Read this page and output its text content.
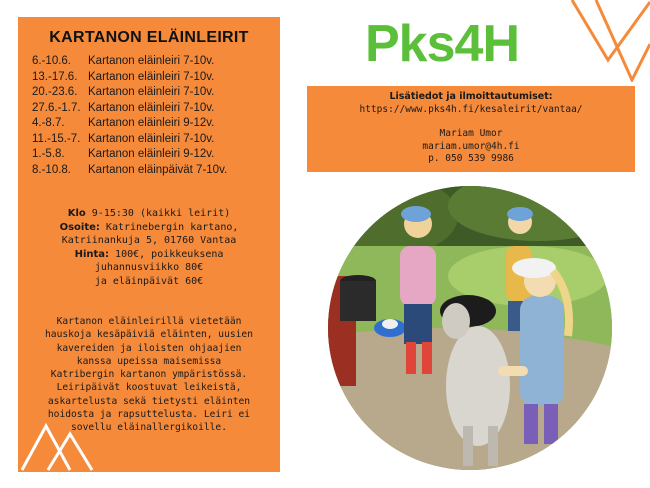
KARTANON ELÄINLEIRIT
6.-10.6.	Kartanon eläinleiri 7-10v.
13.-17.6. Kartanon eläinleiri 7-10v.
20.-23.6. Kartanon eläinleiri 7-10v.
27.6.-1.7. Kartanon eläinleiri 7-10v.
4.-8.7.	Kartanon eläinleiri 9-12v.
11.-15.-7. Kartanon eläinleiri 7-10v.
1.-5.8.	Kartanon eläinleiri 9-12v.
8.-10.8.	Kartanon eläinpäivät 7-10v.
Klo 9-15:30 (kaikki leirit)
Osoite: Katrinebergin kartano,
Katriinankuja 5, 01760 Vantaa
Hinta: 100€, poikkeuksena
juhannusviikko 80€
ja eläinpäivät 60€
Kartanon eläinleirillä vietetään
hauskoja kesäpäiviä eläinten, uusien
kavereiden ja iloisten ohjaajien
kanssa upeissa maisemissa
Katribergin kartanon ympäristössä.
Leiripäivät koostuvat leikeistä,
askartelusta sekä tietysti eläinten
hoidosta ja rapsuttelusta. Leiri ei
sovellu eläinallergikoille.
Pks4H
Lisätiedot ja ilmoittautumiset:
https://www.pks4h.fi/kesaleirit/vantaa/
Mariam Umor
mariam.umor@4h.fi
p. 050 539 9986
